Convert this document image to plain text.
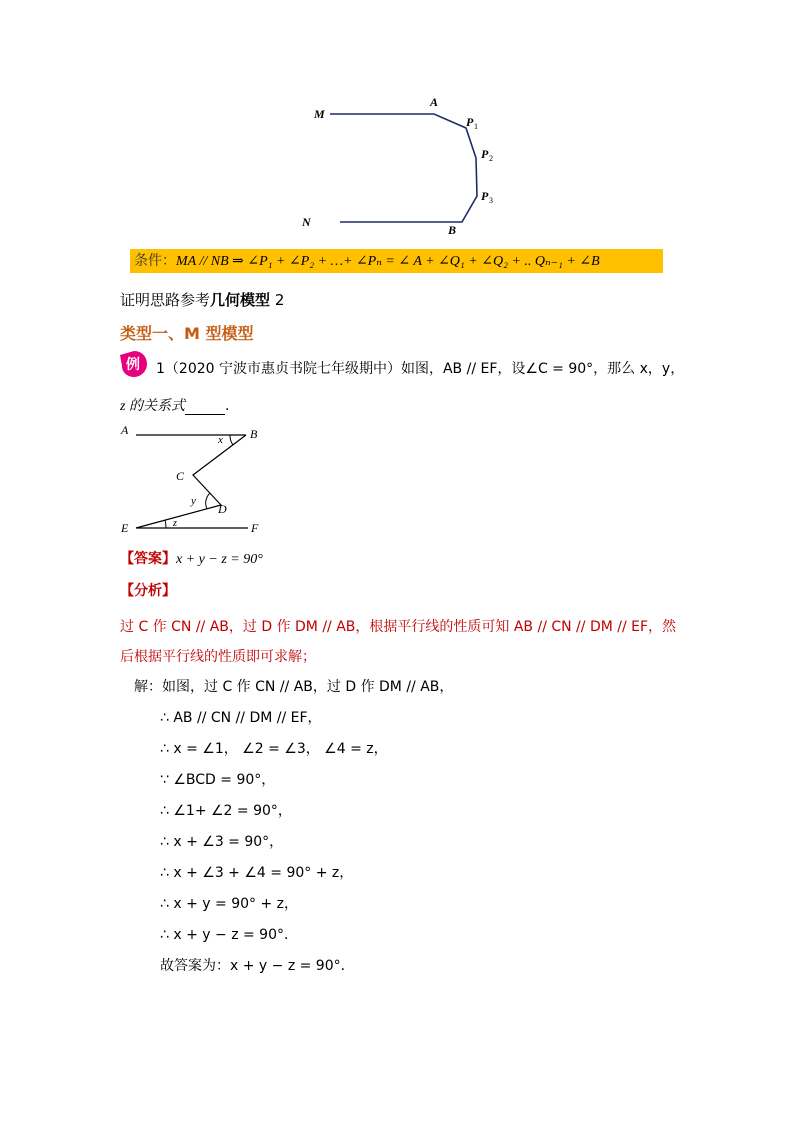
M
A
P 1
P 2
P 3
N
B
条件：MA // NB ⇒ ∠P₁ + ∠P₂ + …+ ∠Pₙ = ∠ A + ∠Q₁ + ∠Q₂ + .. Qₙ₋₁ + ∠B
证明思路参考几何模型 2
类型一、M 型模型
例 1（2020 宁波市惠贞书院七年级期中）如图，AB // EF，设∠C = 90°，那么 x，y，
z 的关系式	.
A	B
x
C
y
D
z
E	F
【答案】x + y − z = 90°
【分析】
过 C 作 CN // AB，过 D 作 DM // AB，根据平行线的性质可知 AB // CN // DM // EF，然后根据平行线的性质即可求解；
解：如图，过 C 作 CN // AB，过 D 作 DM // AB，
∴ AB // CN // DM // EF，
∴ x = ∠1， ∠2 = ∠3， ∠4 = z，
∵ ∠BCD = 90°，
∴ ∠1+ ∠2 = 90°，
∴ x + ∠3 = 90°，
∴ x + ∠3 + ∠4 = 90° + z，
∴ x + y = 90° + z，
∴ x + y − z = 90°．
故答案为：x + y − z = 90°．
